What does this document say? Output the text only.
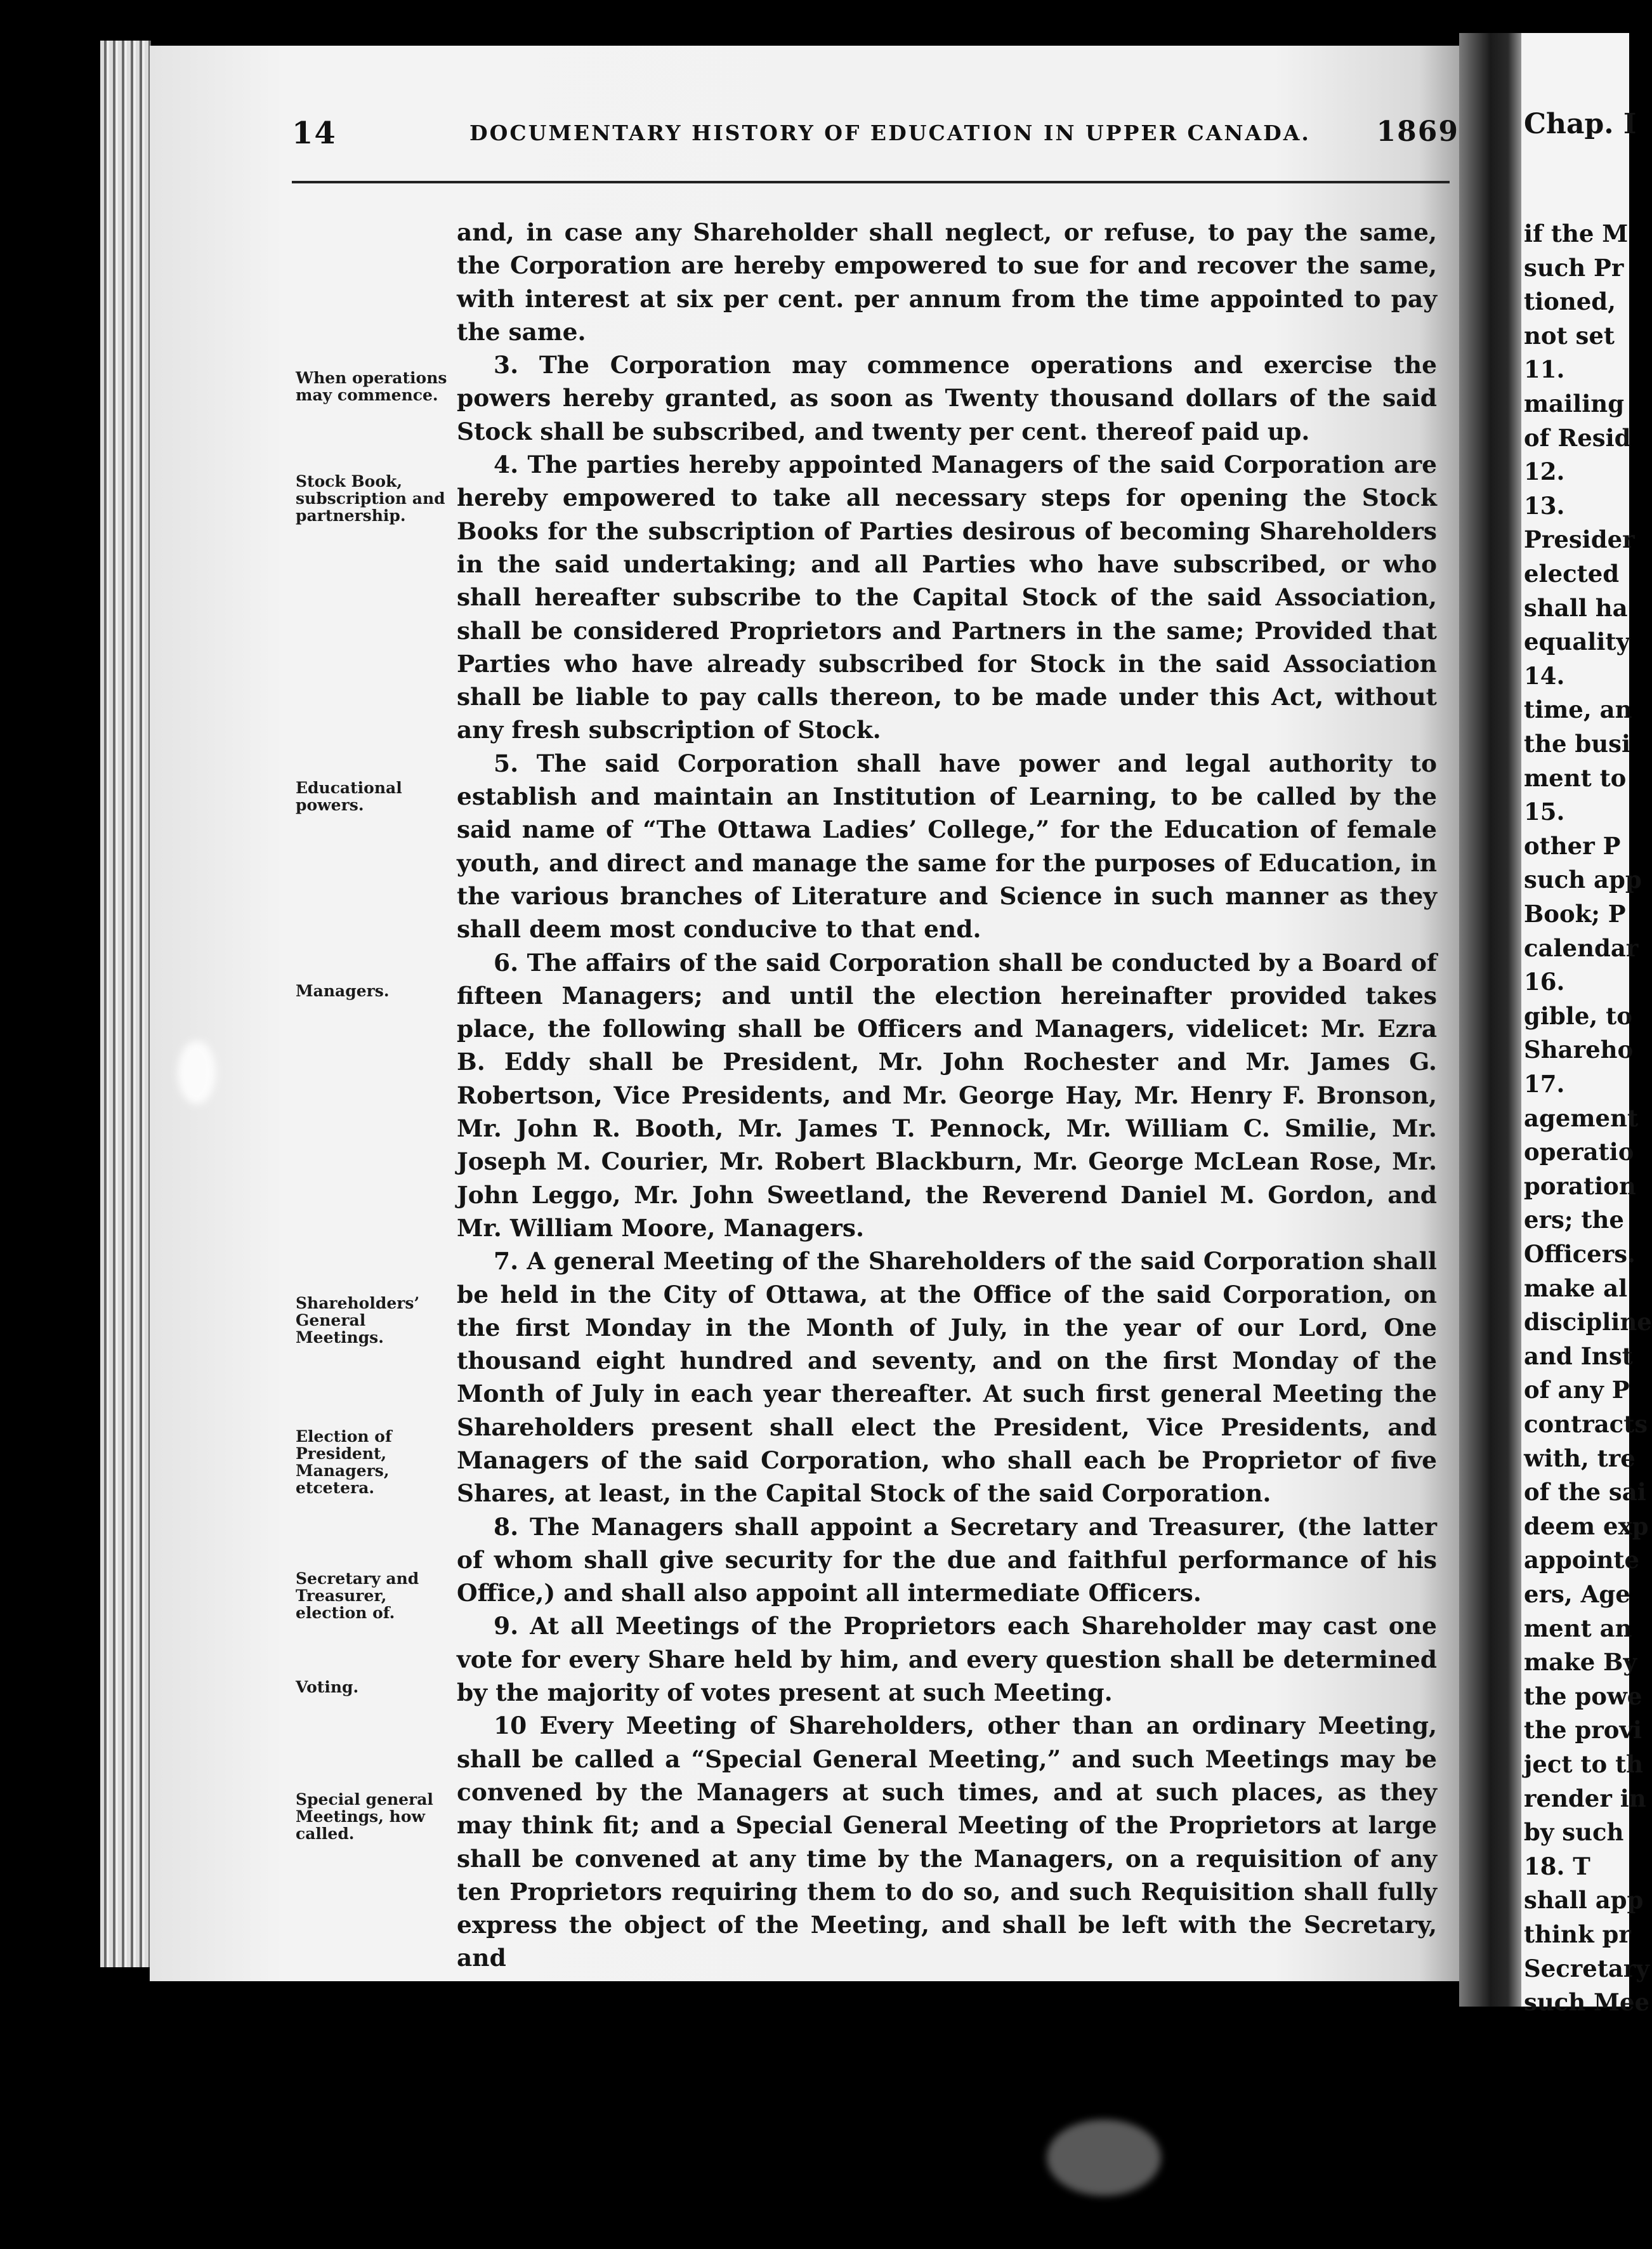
Chap. I
if the M
such Pr
tioned,
not set
11.
mailing
of Resid
12.
13.
Presider
elected
shall ha
equality
14.
time, an
the busi
ment to
15.
other P
such app
Book; P
calendar
16.
gible, to
Shareho
17.
agement
operatio
poration
ers; the
Officers.
make al
discipline
and Inst
of any P
contracts
with, tre
of the sai
deem exp
appointe
ers, Age
ment an
make By
the powe
the provi
ject to th
render in
by such
18. T
shall app
think pr
Secretary
such Mee
14	DOCUMENTARY HISTORY OF EDUCATION IN UPPER CANADA. 1869

and, in case any Shareholder shall neglect, or refuse, to pay the same, the Corporation are hereby empowered to sue for and recover the same, with interest at six per cent. per annum from the time appointed to pay the same.

3. The Corporation may commence operations and exercise the powers hereby granted, as soon as Twenty thousand dollars of the said Stock shall be subscribed, and twenty per cent. thereof paid up.

4. The parties hereby appointed Managers of the said Corporation are hereby empowered to take all necessary steps for opening the Stock Books for the subscription of Parties desirous of becoming Shareholders in the said undertaking; and all Parties who have subscribed, or who shall hereafter subscribe to the Capital Stock of the said Association, shall be considered Proprietors and Partners in the same; Provided that Parties who have already subscribed for Stock in the said Association shall be liable to pay calls thereon, to be made under this Act, without any fresh subscription of Stock.

5. The said Corporation shall have power and legal authority to establish and maintain an Institution of Learning, to be called by the said name of “The Ottawa Ladies’ College,” for the Education of female youth, and direct and manage the same for the purposes of Education, in the various branches of Literature and Science in such manner as they shall deem most conducive to that end.

6. The affairs of the said Corporation shall be conducted by a Board of fifteen Managers; and until the election hereinafter provided takes place, the following shall be Officers and Managers, videlicet: Mr. Ezra B. Eddy shall be President, Mr. John Rochester and Mr. James G. Robertson, Vice Presidents, and Mr. George Hay, Mr. Henry F. Bronson, Mr. John R. Booth, Mr. James T. Pennock, Mr. William C. Smilie, Mr. Joseph M. Courier, Mr. Robert Blackburn, Mr. George McLean Rose, Mr. John Leggo, Mr. John Sweetland, the Reverend Daniel M. Gordon, and Mr. William Moore, Managers.

7. A general Meeting of the Shareholders of the said Corporation shall be held in the City of Ottawa, at the Office of the said Corporation, on the first Monday in the Month of July, in the year of our Lord, One thousand eight hundred and seventy, and on the first Monday of the Month of July in each year thereafter. At such first general Meeting the Shareholders present shall elect the President, Vice Presidents, and Managers of the said Corporation, who shall each be Proprietor of five Shares, at least, in the Capital Stock of the said Corporation.

8. The Managers shall appoint a Secretary and Treasurer, (the latter of whom shall give security for the due and faithful performance of his Office,) and shall also appoint all intermediate Officers.

9. At all Meetings of the Proprietors each Shareholder may cast one vote for every Share held by him, and every question shall be determined by the majority of votes present at such Meeting.

10 Every Meeting of Shareholders, other than an ordinary Meeting, shall be called a “Special General Meeting,” and such Meetings may be convened by the Managers at such times, and at such places, as they may think fit; and a Special General Meeting of the Proprietors at large shall be convened at any time by the Managers, on a requisition of any ten Proprietors requiring them to do so, and such Requisition shall fully express the object of the Meeting, and shall be left with the Secretary, and

When operations may commence.
Stock Book, subscription and partnership.
Educational powers.
Managers.
Shareholders’ General Meetings.
Election of President, Managers, etcetera.
Secretary and Treasurer, election of.
Voting.
Special general Meetings, how called.
